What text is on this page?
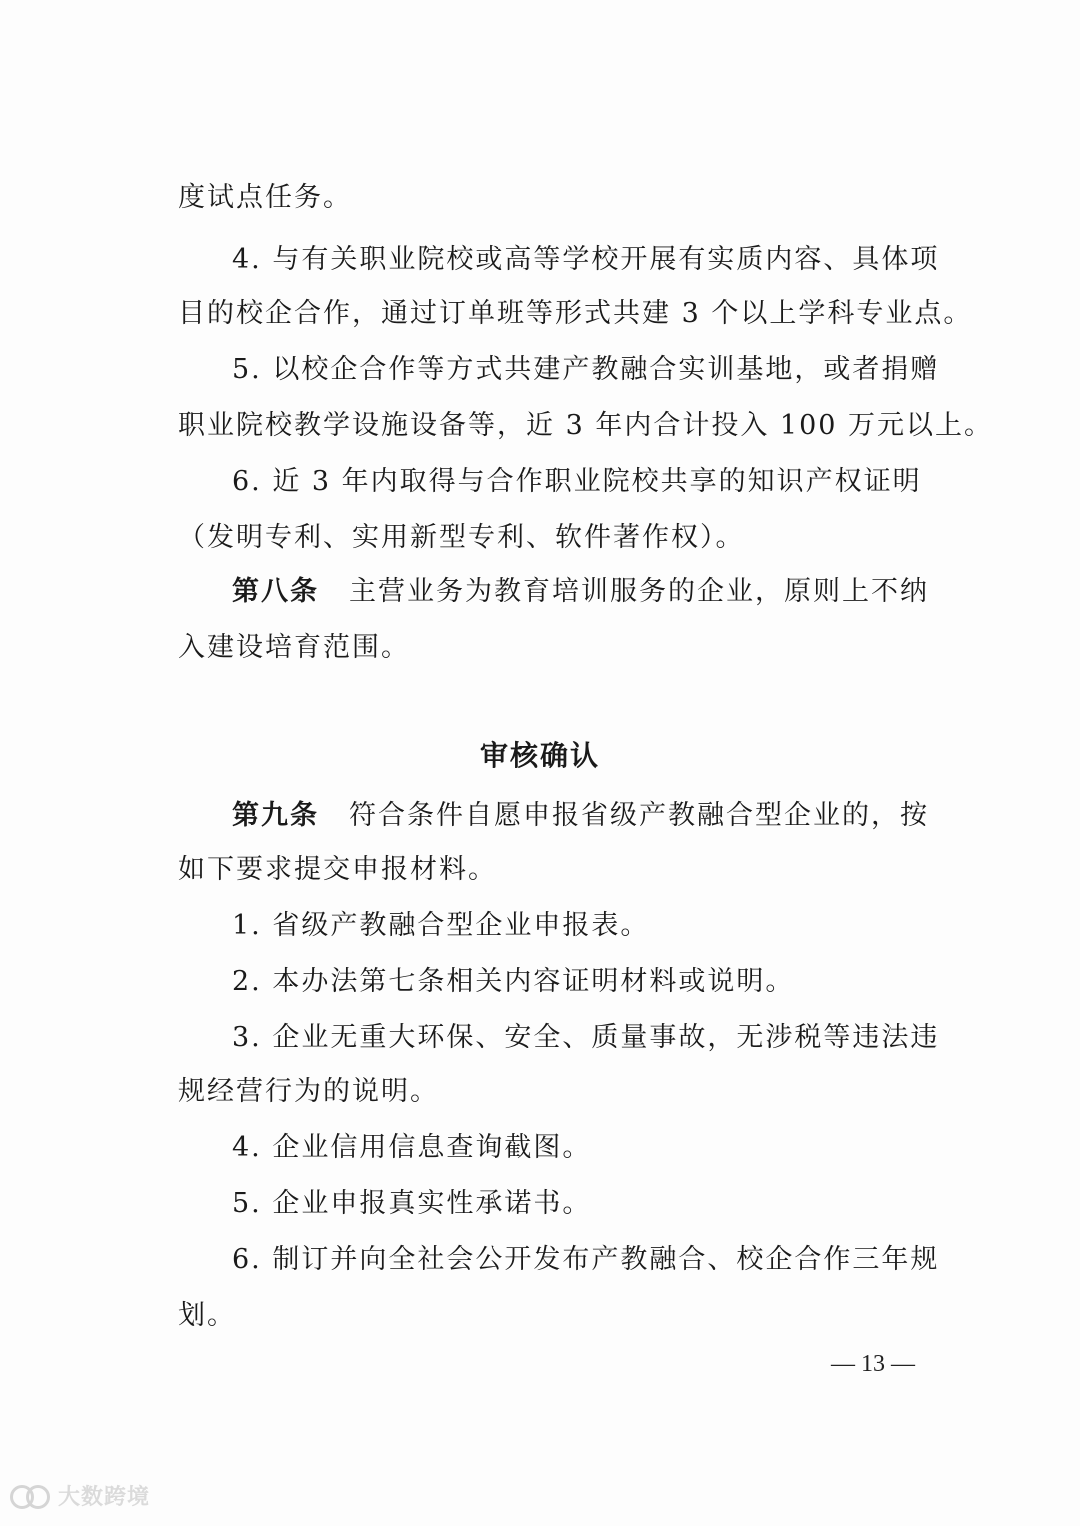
度试点任务。
4. 与有关职业院校或高等学校开展有实质内容、具体项
目的校企合作，通过订单班等形式共建 3 个以上学科专业点。
5. 以校企合作等方式共建产教融合实训基地，或者捐赠
职业院校教学设施设备等，近 3 年内合计投入 100 万元以上。
6. 近 3 年内取得与合作职业院校共享的知识产权证明
（发明专利、实用新型专利、软件著作权）。
第八条 主营业务为教育培训服务的企业，原则上不纳
入建设培育范围。
审核确认
第九条 符合条件自愿申报省级产教融合型企业的，按
如下要求提交申报材料。
1. 省级产教融合型企业申报表。
2. 本办法第七条相关内容证明材料或说明。
3. 企业无重大环保、安全、质量事故，无涉税等违法违
规经营行为的说明。
4. 企业信用信息查询截图。
5. 企业申报真实性承诺书。
6. 制订并向全社会公开发布产教融合、校企合作三年规
划。
— 13 —
大数跨境
